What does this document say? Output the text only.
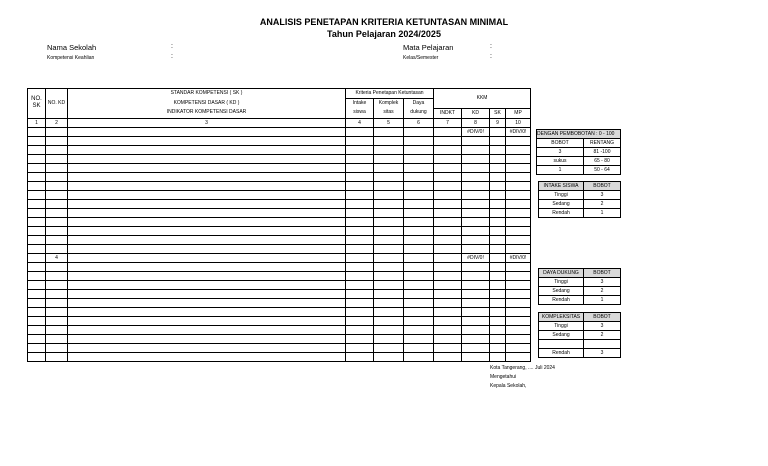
ANALISIS PENETAPAN KRITERIA KETUNTASAN MINIMAL
Tahun Pelajaran 2024/2025
Nama Sekolah	:
Kompetensi Keahlian	:
Mata Pelajaran	:
Kelas/Semester	:
NO. SK	NO. KD	STANDAR KOMPETENSI ( SK )	Kriteria Penetapan Ketuntasan			KKM			
		KOMPETENSI DASAR ( KD )	Intake	Komplek	Daya				
		INDIKATOR KOMPETENSI DASAR	siswa	sitas	dukung	INDKT	KD	SK	MP
1	2	3	4	5	6	7	8	9	10
							#DIV/0!		#DIV/0!

	4						#DIV/0!		#DIV/0!

DENGAN PEMBOBOTAN : 0 - 100	
BOBOT	RENTANG
3	81 -100
sukus	65 - 80
1	50 - 64
INTAKE SISWA	BOBOT
Tinggi	3
Sedang	2
Rendah	1
DAYA DUKUNG	BOBOT
Tinggi	3
Sedang	2
Rendah	1
KOMPLEKSITAS	BOBOT
Tinggi	3
Sedang	2

Rendah	3
Kota Tangerang, .... Juli 2024
Mengetahui
Kepala Sekolah,
